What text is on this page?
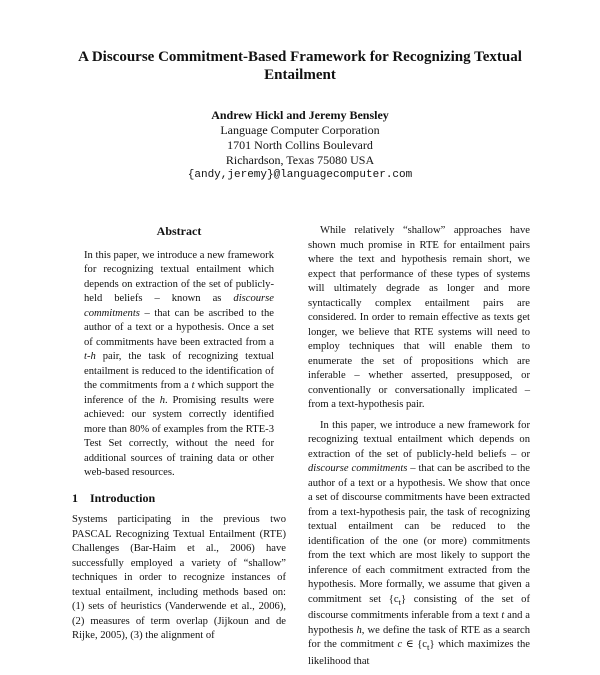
A Discourse Commitment-Based Framework for Recognizing Textual Entailment
Andrew Hickl and Jeremy Bensley
Language Computer Corporation
1701 North Collins Boulevard
Richardson, Texas 75080 USA
{andy,jeremy}@languagecomputer.com
Abstract

In this paper, we introduce a new framework for recognizing textual entailment which depends on extraction of the set of publicly-held beliefs – known as discourse commitments – that can be ascribed to the author of a text or a hypothesis. Once a set of commitments have been extracted from a t-h pair, the task of recognizing textual entailment is reduced to the identification of the commitments from a t which support the inference of the h. Promising results were achieved: our system correctly identified more than 80% of examples from the RTE-3 Test Set correctly, without the need for additional sources of training data or other web-based resources.

1 Introduction

Systems participating in the previous two PASCAL Recognizing Textual Entailment (RTE) Challenges (Bar-Haim et al., 2006) have successfully employed a variety of “shallow” techniques in order to recognize instances of textual entailment, including methods based on: (1) sets of heuristics (Vanderwende et al., 2006), (2) measures of term overlap (Jijkoun and de Rijke, 2005), (3) the alignment of

While relatively “shallow” approaches have shown much promise in RTE for entailment pairs where the text and hypothesis remain short, we expect that performance of these types of systems will ultimately degrade as longer and more syntactically complex entailment pairs are considered. In order to remain effective as texts get longer, we believe that RTE systems will need to employ techniques that will enable them to enumerate the set of propositions which are inferable – whether asserted, presupposed, or conventionally or conversationally implicated – from a text-hypothesis pair.

In this paper, we introduce a new framework for recognizing textual entailment which depends on extraction of the set of publicly-held beliefs – or discourse commitments – that can be ascribed to the author of a text or a hypothesis. We show that once a set of discourse commitments have been extracted from a text-hypothesis pair, the task of recognizing textual entailment can be reduced to the identification of the one (or more) commitments from the text which are most likely to support the inference of each commitment extracted from the hypothesis. More formally, we assume that given a commitment set $\{c_t\}$ consisting of the set of discourse commitments inferable from a text t and a hypothesis h, we define the task of RTE as a search for the commitment c ∈ $\{c_t\}$ which maximizes the likelihood that
